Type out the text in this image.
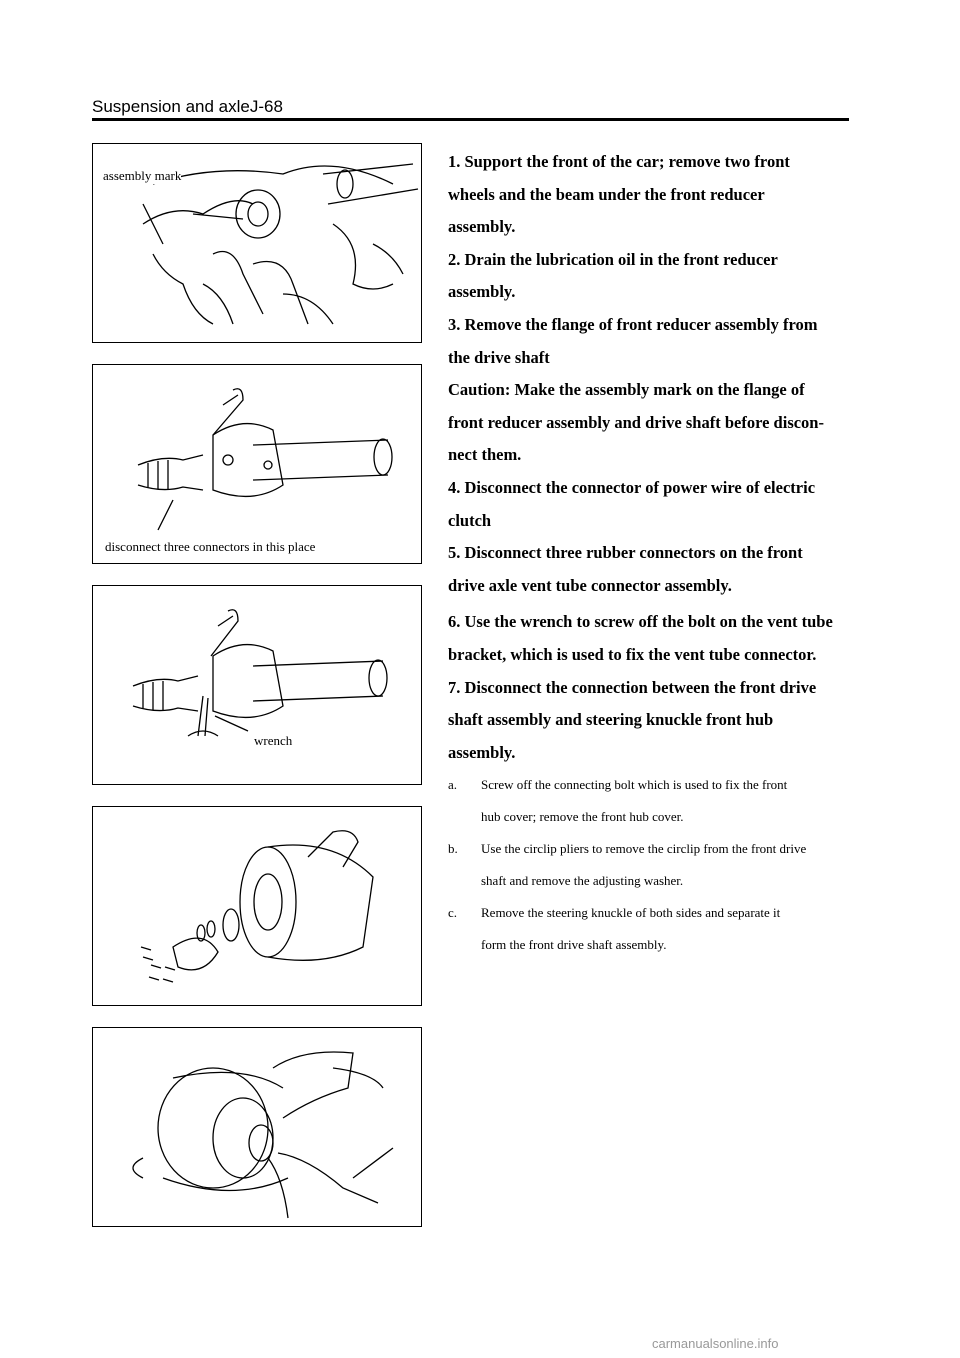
Suspension and axleJ-68
assembly mark
disconnect three connectors in this place
wrench

1. Support the front of the car; remove two front

wheels and the beam under the front reducer

assembly.

2. Drain the lubrication oil in the front reducer

assembly.

3. Remove the flange of front reducer assembly from

the drive shaft

Caution: Make the assembly mark on the flange of

front reducer assembly and drive shaft before discon-

nect them.

4. Disconnect the connector of power wire of electric

clutch

5. Disconnect three rubber connectors on the front

drive axle vent tube connector assembly.

6. Use the wrench to screw off the bolt on the vent tube

bracket, which is used to fix the vent tube connector.

7. Disconnect the connection between the front drive

shaft assembly and steering knuckle front hub

assembly.

a. Screw off the connecting bolt which is used to fix the front

hub cover; remove the front hub cover.

b. Use the circlip pliers to remove the circlip from the front drive

shaft and remove the adjusting washer.

c. Remove the steering knuckle of both sides and separate it

form the front drive shaft assembly.

carmanualsonline.info
